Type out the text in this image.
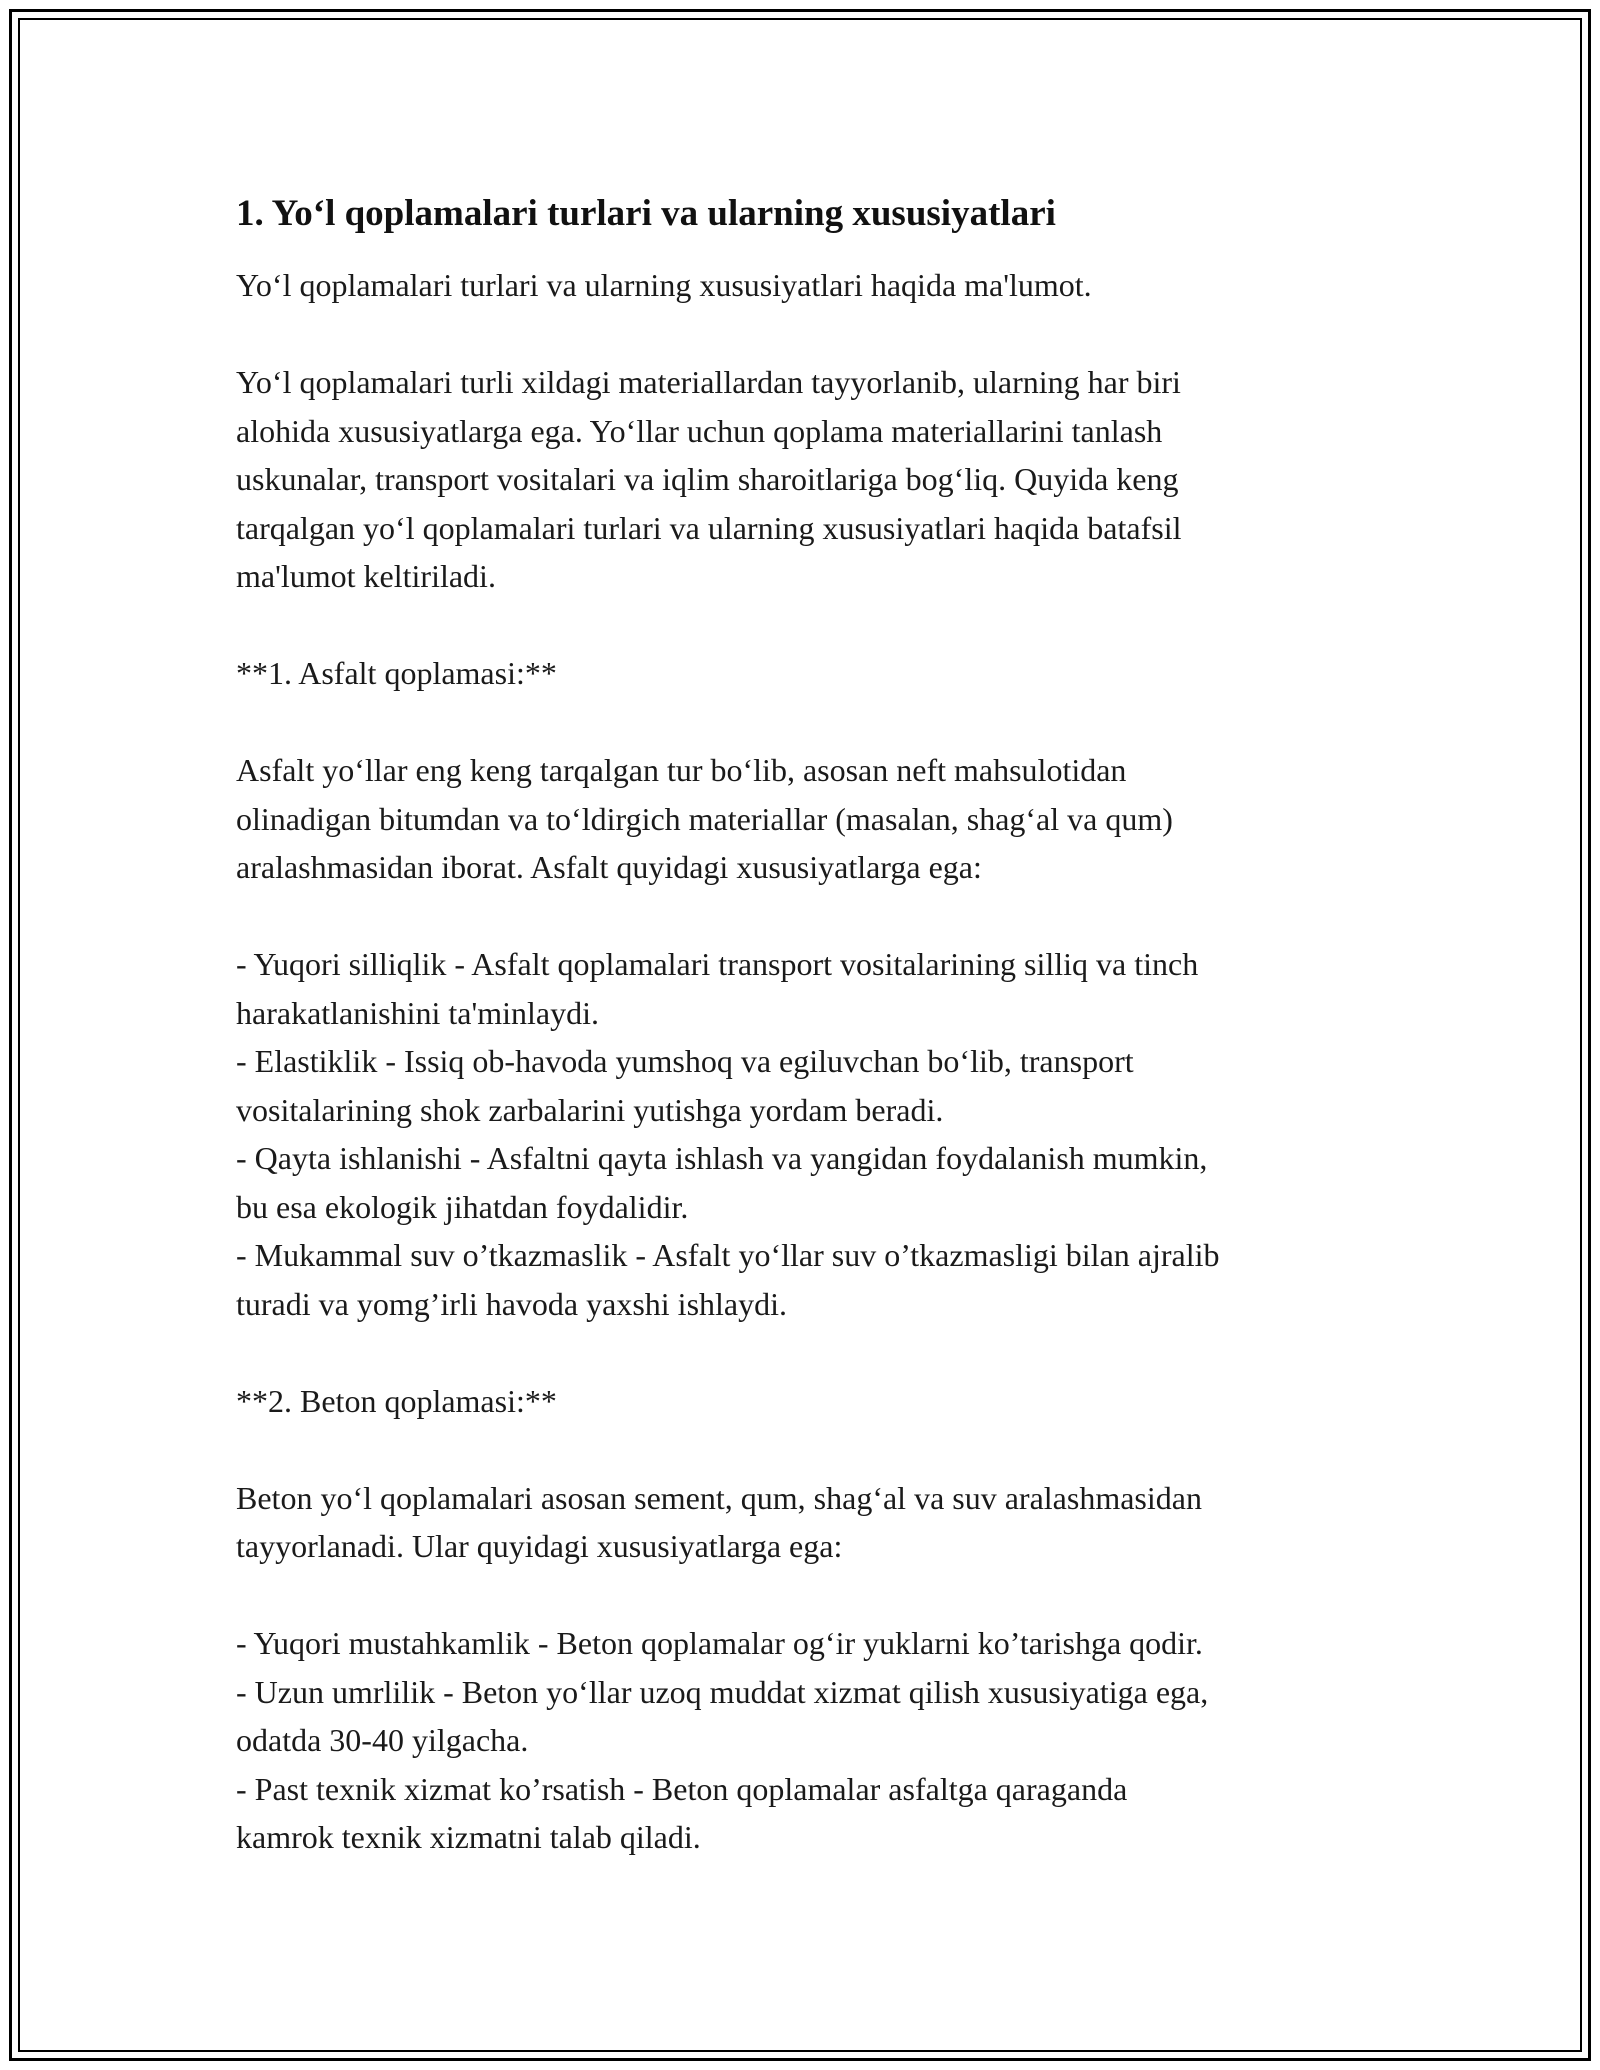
1. Yo‘l qoplamalari turlari va ularning xususiyatlari

Yo‘l qoplamalari turlari va ularning xususiyatlari haqida ma'lumot.

Yo‘l qoplamalari turli xildagi materiallardan tayyorlanib, ularning har biri
alohida xususiyatlarga ega. Yo‘llar uchun qoplama materiallarini tanlash
uskunalar, transport vositalari va iqlim sharoitlariga bog‘liq. Quyida keng
tarqalgan yo‘l qoplamalari turlari va ularning xususiyatlari haqida batafsil
ma'lumot keltiriladi.

**1. Asfalt qoplamasi:**

Asfalt yo‘llar eng keng tarqalgan tur bo‘lib, asosan neft mahsulotidan
olinadigan bitumdan va to‘ldirgich materiallar (masalan, shag‘al va qum)
aralashmasidan iborat. Asfalt quyidagi xususiyatlarga ega:

- Yuqori silliqlik - Asfalt qoplamalari transport vositalarining silliq va tinch
harakatlanishini ta'minlaydi.
- Elastiklik - Issiq ob-havoda yumshoq va egiluvchan bo‘lib, transport
vositalarining shok zarbalarini yutishga yordam beradi.
- Qayta ishlanishi - Asfaltni qayta ishlash va yangidan foydalanish mumkin,
bu esa ekologik jihatdan foydalidir.
- Mukammal suv o’tkazmaslik - Asfalt yo‘llar suv o’tkazmasligi bilan ajralib
turadi va yomg’irli havoda yaxshi ishlaydi.

**2. Beton qoplamasi:**

Beton yo‘l qoplamalari asosan sement, qum, shag‘al va suv aralashmasidan
tayyorlanadi. Ular quyidagi xususiyatlarga ega:

- Yuqori mustahkamlik - Beton qoplamalar og‘ir yuklarni ko’tarishga qodir.
- Uzun umrlilik - Beton yo‘llar uzoq muddat xizmat qilish xususiyatiga ega,
odatda 30-40 yilgacha.
- Past texnik xizmat ko’rsatish - Beton qoplamalar asfaltga qaraganda
kamrok texnik xizmatni talab qiladi.
